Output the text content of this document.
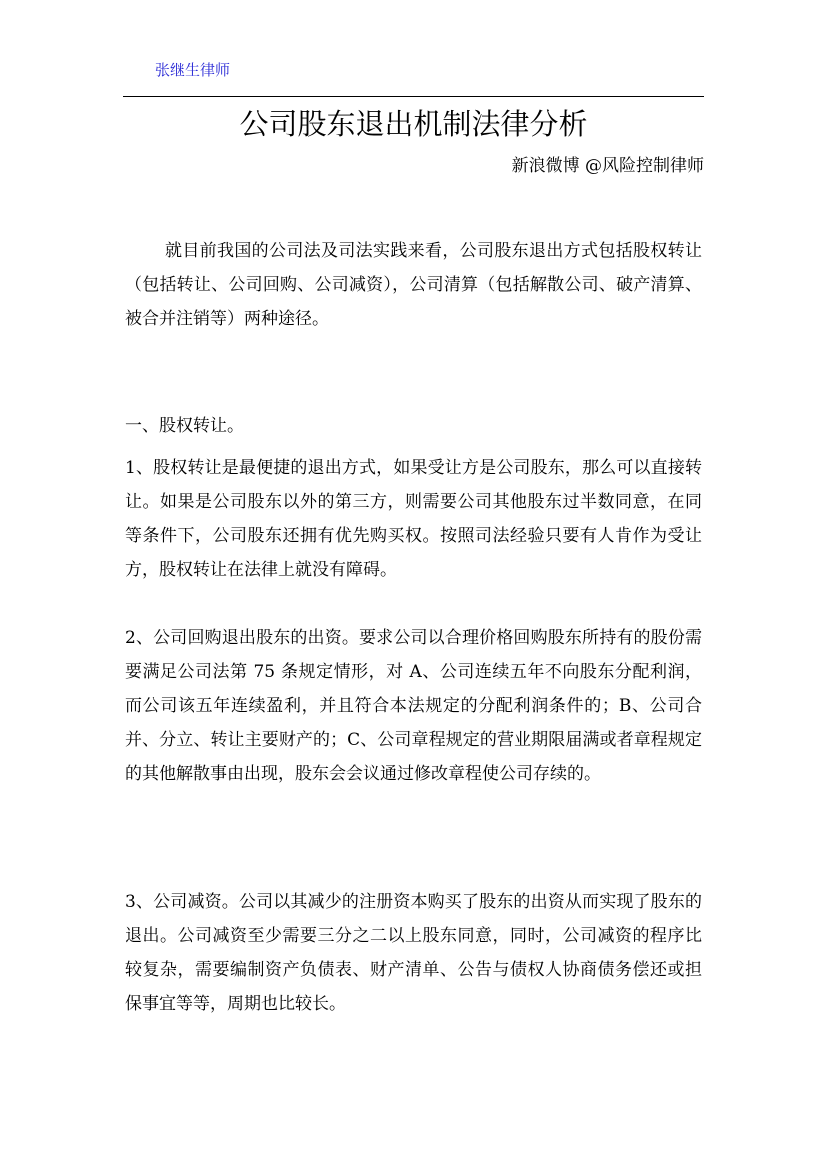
张继生律师
公司股东退出机制法律分析
新浪微博 @风险控制律师

就目前我国的公司法及司法实践来看，公司股东退出方式包括股权转让（包括转让、公司回购、公司减资），公司清算（包括解散公司、破产清算、被合并注销等）两种途径。

一、股权转让。

1、股权转让是最便捷的退出方式，如果受让方是公司股东，那么可以直接转让。如果是公司股东以外的第三方，则需要公司其他股东过半数同意，在同等条件下，公司股东还拥有优先购买权。按照司法经验只要有人肯作为受让方，股权转让在法律上就没有障碍。

2、公司回购退出股东的出资。要求公司以合理价格回购股东所持有的股份需要满足公司法第 75 条规定情形，对 A、公司连续五年不向股东分配利润，而公司该五年连续盈利，并且符合本法规定的分配利润条件的；B、公司合并、分立、转让主要财产的；C、公司章程规定的营业期限届满或者章程规定的其他解散事由出现，股东会会议通过修改章程使公司存续的。

3、公司减资。公司以其减少的注册资本购买了股东的出资从而实现了股东的退出。公司减资至少需要三分之二以上股东同意，同时，公司减资的程序比较复杂，需要编制资产负债表、财产清单、公告与债权人协商债务偿还或担保事宜等等，周期也比较长。
